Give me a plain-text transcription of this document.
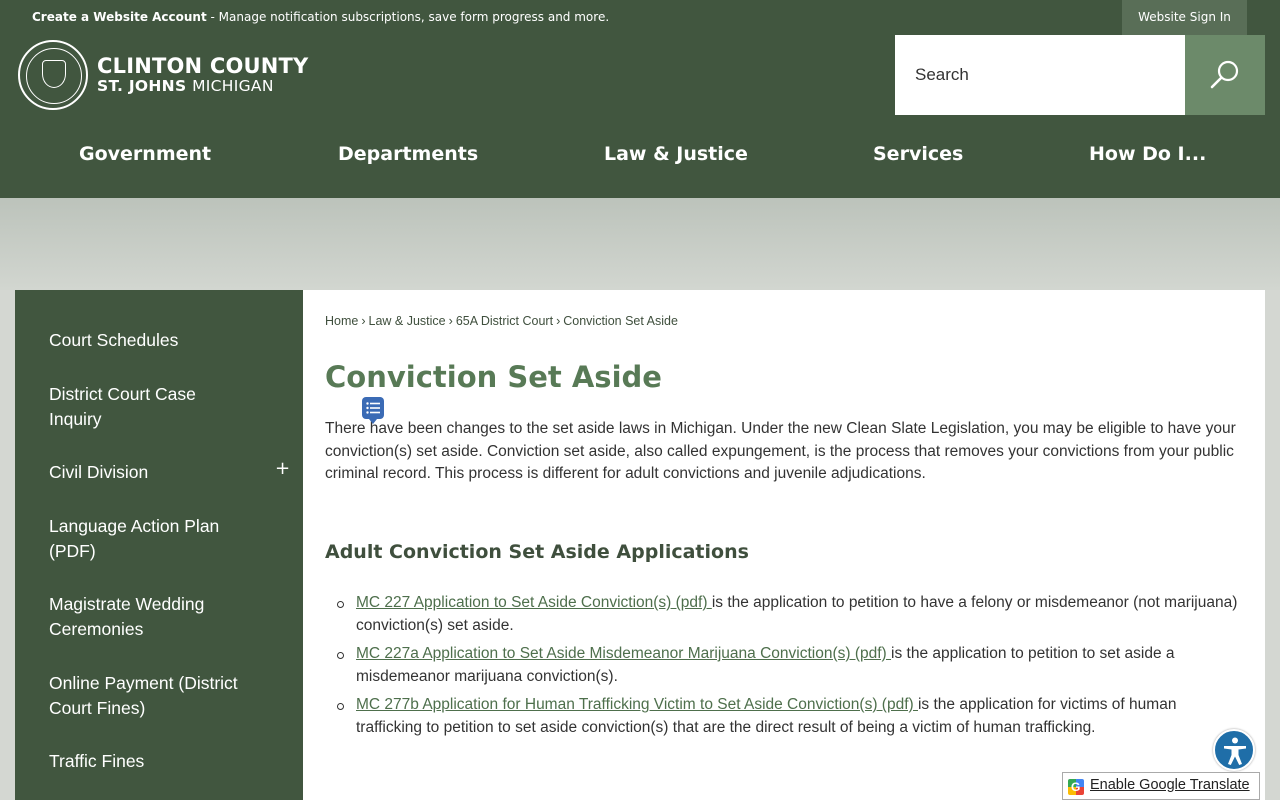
Create a Website Account - Manage notification subscriptions, save form progress and more.	Website Sign In
CLINTON COUNTY
ST. JOHNS MICHIGAN
Search
Government	Departments	Law & Justice	Services	How Do I...
Court Schedules
District Court Case Inquiry
Civil Division	+
Language Action Plan (PDF)
Magistrate Wedding Ceremonies
Online Payment (District Court Fines)
Traffic Fines
Home › Law & Justice › 65A District Court › Conviction Set Aside
Conviction Set Aside

There have been changes to the set aside laws in Michigan. Under the new Clean Slate Legislation, you may be eligible to have your conviction(s) set aside. Conviction set aside, also called expungement, is the process that removes your convictions from your public criminal record. This process is different for adult convictions and juvenile adjudications.

Adult Conviction Set Aside Applications
MC 227 Application to Set Aside Conviction(s) (pdf) is the application to petition to have a felony or misdemeanor (not marijuana) conviction(s) set aside.
MC 227a Application to Set Aside Misdemeanor Marijuana Conviction(s) (pdf) is the application to petition to set aside a misdemeanor marijuana conviction(s).
MC 277b Application for Human Trafficking Victim to Set Aside Conviction(s) (pdf) is the application for victims of human trafficking to petition to set aside conviction(s) that are the direct result of being a victim of human trafficking.
G
Enable Google Translate
